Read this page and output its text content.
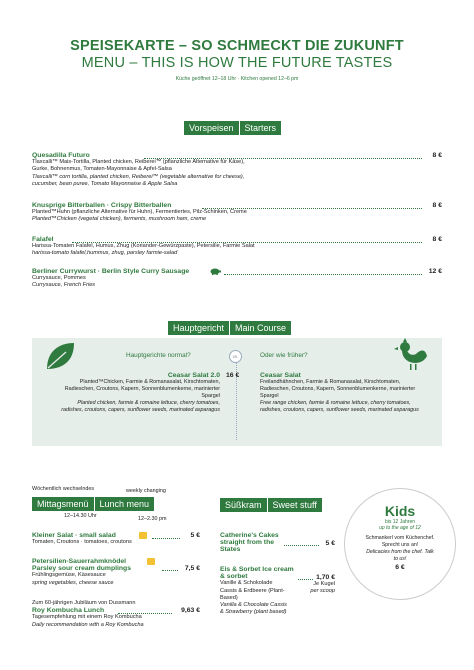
SPEISEKARTE – SO SCHMECKT DIE ZUKUNFT
MENU – THIS IS HOW THE FUTURE TASTES
Küche geöffnet 12–18 Uhr · Kitchen opened 12–6 pm
Vorspeisen	Starters
Quesadilla Futuro	8 €
Tlaxcalli™ Mais-Tortilla, Planted chicken, Reiberei™ (pflanzliche Alternative für Käse), Gurke, Bohnenmus, Tomaten-Mayonnaise & Apfel-Salsa
Tlaxcalli™ corn tortilla, planted chicken, Reiberei™ (vegetable alternative for cheese), cucumber, bean puree, Tomato Mayonnaise & Apple Salsa
Knusprige Bitterballen · Crispy Bitterballen	8 €
Planted™Huhn (pflanzliche Alternative für Huhn), Fermentiertes, Pilz-Schinken, Creme
Planted™Chicken (vegetal chicken), ferments, mushroom ham, creme
Falafel	8 €
Harissa-Tomaten Falafel, Humus, Zhug (Koriander-Gewürzpaste), Petersilie, Farmie Salat
harissa-tomato falafel,hummus, zhug, parsley farmie-salad
Berliner Currywurst · Berlin Style Curry Sausage	12 €
Currysauce, Pommes
Currysauce, French Fries
Hauptgericht	Main Course
Hauptgerichte normal?	vs.	Oder wie früher?
16 €
Ceasar Salat 2.0
Planted™Chicken, Farmie & Romanasalat, Kirschtomaten, Radieschen, Croutons, Kapern, Sonnenblumenkerne, marinierter Spargel
Planted chicken, farmie & romaine lettuce, cherry tomatoes, radishes, croutons, capers, sunflower seeds, marinated asparagus
Ceasar Salat
Freilandhähnchen, Farmie & Romanasalat, Kirschtomaten, Radieschen, Croutons, Kapern, Sonnenblumenkerne, marinierter Spargel
Free range chicken, farmie & romaine lettuce, cherry tomatoes, radishes, croutons, capers, sunflower seeds, marinated asparagus
Wöchentlich wechselndes	weekly changing
Mittagsmenü	Lunch menu
12–14.30 Uhr	12–2.30 pm
Kleiner Salat · small salad	5 €
Tomaten, Croutons · tomatoes, croutons
Petersilien-Sauerrahmknödel Parsley sour cream dumplings	7,5 €
Frühlingsgemüse, Käsesauce
spring vegetables, cheese sauce
Zum 60-jährigen Jubiläum von Dussmann
Roy Kombucha Lunch	9,63 €
Tagesempfehlung mit einem Roy Kombucha
Daily recommendation with a Roy Kombucha
Süßkram	Sweet stuff
Catherine's Cakes straight from the States
5 €
Eis & Sorbet Ice cream & sorbet	1,70 €
Je Kugel
per scoop
Vanille & Schokolade Cassis & Erdbeere (Plant-Based)
Vanilla & Chocolate Cassis & Strawberry (plant based)
Kids
bis 12 Jahren
up to the age of 12
Schmankerl vom Küchenchef. Sprecht uns an!
Delicacies from the chef. Talk to us!
6 €
